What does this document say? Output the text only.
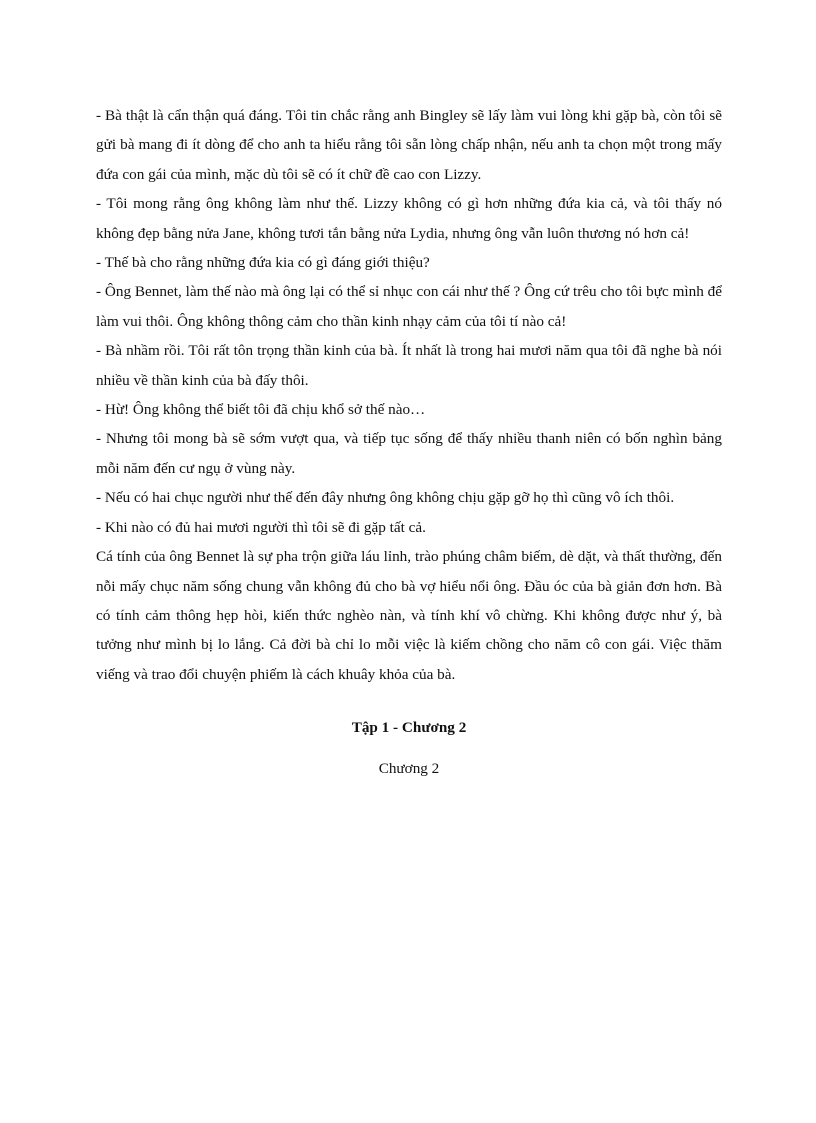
- Bà thật là cẩn thận quá đáng. Tôi tin chắc rằng anh Bingley sẽ lấy làm vui lòng khi gặp bà, còn tôi sẽ gửi bà mang đi ít dòng để cho anh ta hiểu rằng tôi sẵn lòng chấp nhận, nếu anh ta chọn một trong mấy đứa con gái của mình, mặc dù tôi sẽ có ít chữ đề cao con Lizzy.

- Tôi mong rằng ông không làm như thế. Lizzy không có gì hơn những đứa kia cả, và tôi thấy nó không đẹp bằng nửa Jane, không tươi tắn bằng nửa Lydia, nhưng ông vẫn luôn thương nó hơn cả!

- Thế bà cho rằng những đứa kia có gì đáng giới thiệu?

- Ông Bennet, làm thế nào mà ông lại có thể sỉ nhục con cái như thế ? Ông cứ trêu cho tôi bực mình để làm vui thôi. Ông không thông cảm cho thần kinh nhạy cảm của tôi tí nào cả!

- Bà nhầm rồi. Tôi rất tôn trọng thần kinh của bà. Ít nhất là trong hai mươi năm qua tôi đã nghe bà nói nhiều về thần kinh của bà đấy thôi.

- Hừ! Ông không thể biết tôi đã chịu khổ sở thế nào…

- Nhưng tôi mong bà sẽ sớm vượt qua, và tiếp tục sống để thấy nhiều thanh niên có bốn nghìn bảng mỗi năm đến cư ngụ ở vùng này.

- Nếu có hai chục người như thế đến đây nhưng ông không chịu gặp gỡ họ thì cũng vô ích thôi.

- Khi nào có đủ hai mươi người thì tôi sẽ đi gặp tất cả.

Cá tính của ông Bennet là sự pha trộn giữa láu lỉnh, trào phúng châm biếm, dè dặt, và thất thường, đến nỗi mấy chục năm sống chung vẫn không đủ cho bà vợ hiểu nổi ông. Đầu óc của bà giản đơn hơn. Bà có tính cảm thông hẹp hòi, kiến thức nghèo nàn, và tính khí vô chừng. Khi không được như ý, bà tưởng như mình bị lo lắng. Cả đời bà chỉ lo mỗi việc là kiếm chồng cho năm cô con gái. Việc thăm viếng và trao đổi chuyện phiếm là cách khuây khỏa của bà.

Tập 1 - Chương 2
Chương 2
